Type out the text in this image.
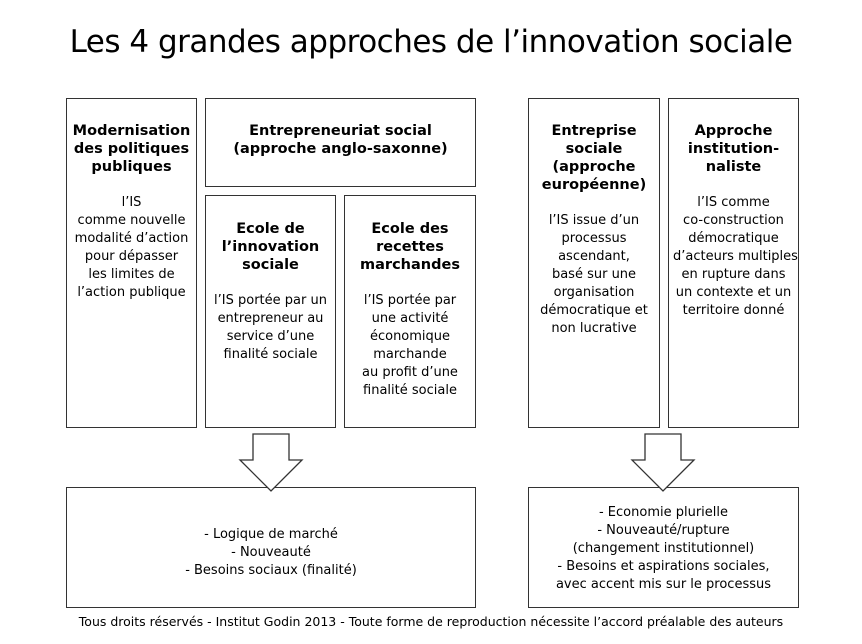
Les 4 grandes approches de l’innovation sociale
Modernisation
des politiques
publiques
l’IS
comme nouvelle
modalité d’action
pour dépasser
les limites de
l’action publique
Entrepreneuriat social
(approche anglo-saxonne)
Ecole de
l’innovation
sociale
l’IS portée par un
entrepreneur au
service d’une
finalité sociale
Ecole des
recettes
marchandes
l’IS portée par
une activité
économique
marchande
au profit d’une
finalité sociale
Entreprise
sociale
(approche
européenne)
l’IS issue d’un
processus
ascendant,
basé sur une
organisation
démocratique et
non lucrative
Approche
institution-
naliste
l’IS comme
co-construction
démocratique
d’acteurs multiples
en rupture dans
un contexte et un
territoire donné
- Logique de marché
- Nouveauté
- Besoins sociaux (finalité)
- Economie plurielle
- Nouveauté/rupture
(changement institutionnel)
- Besoins et aspirations sociales,
avec accent mis sur le processus
Tous droits réservés - Institut Godin 2013 - Toute forme de reproduction nécessite l’accord préalable des auteurs
